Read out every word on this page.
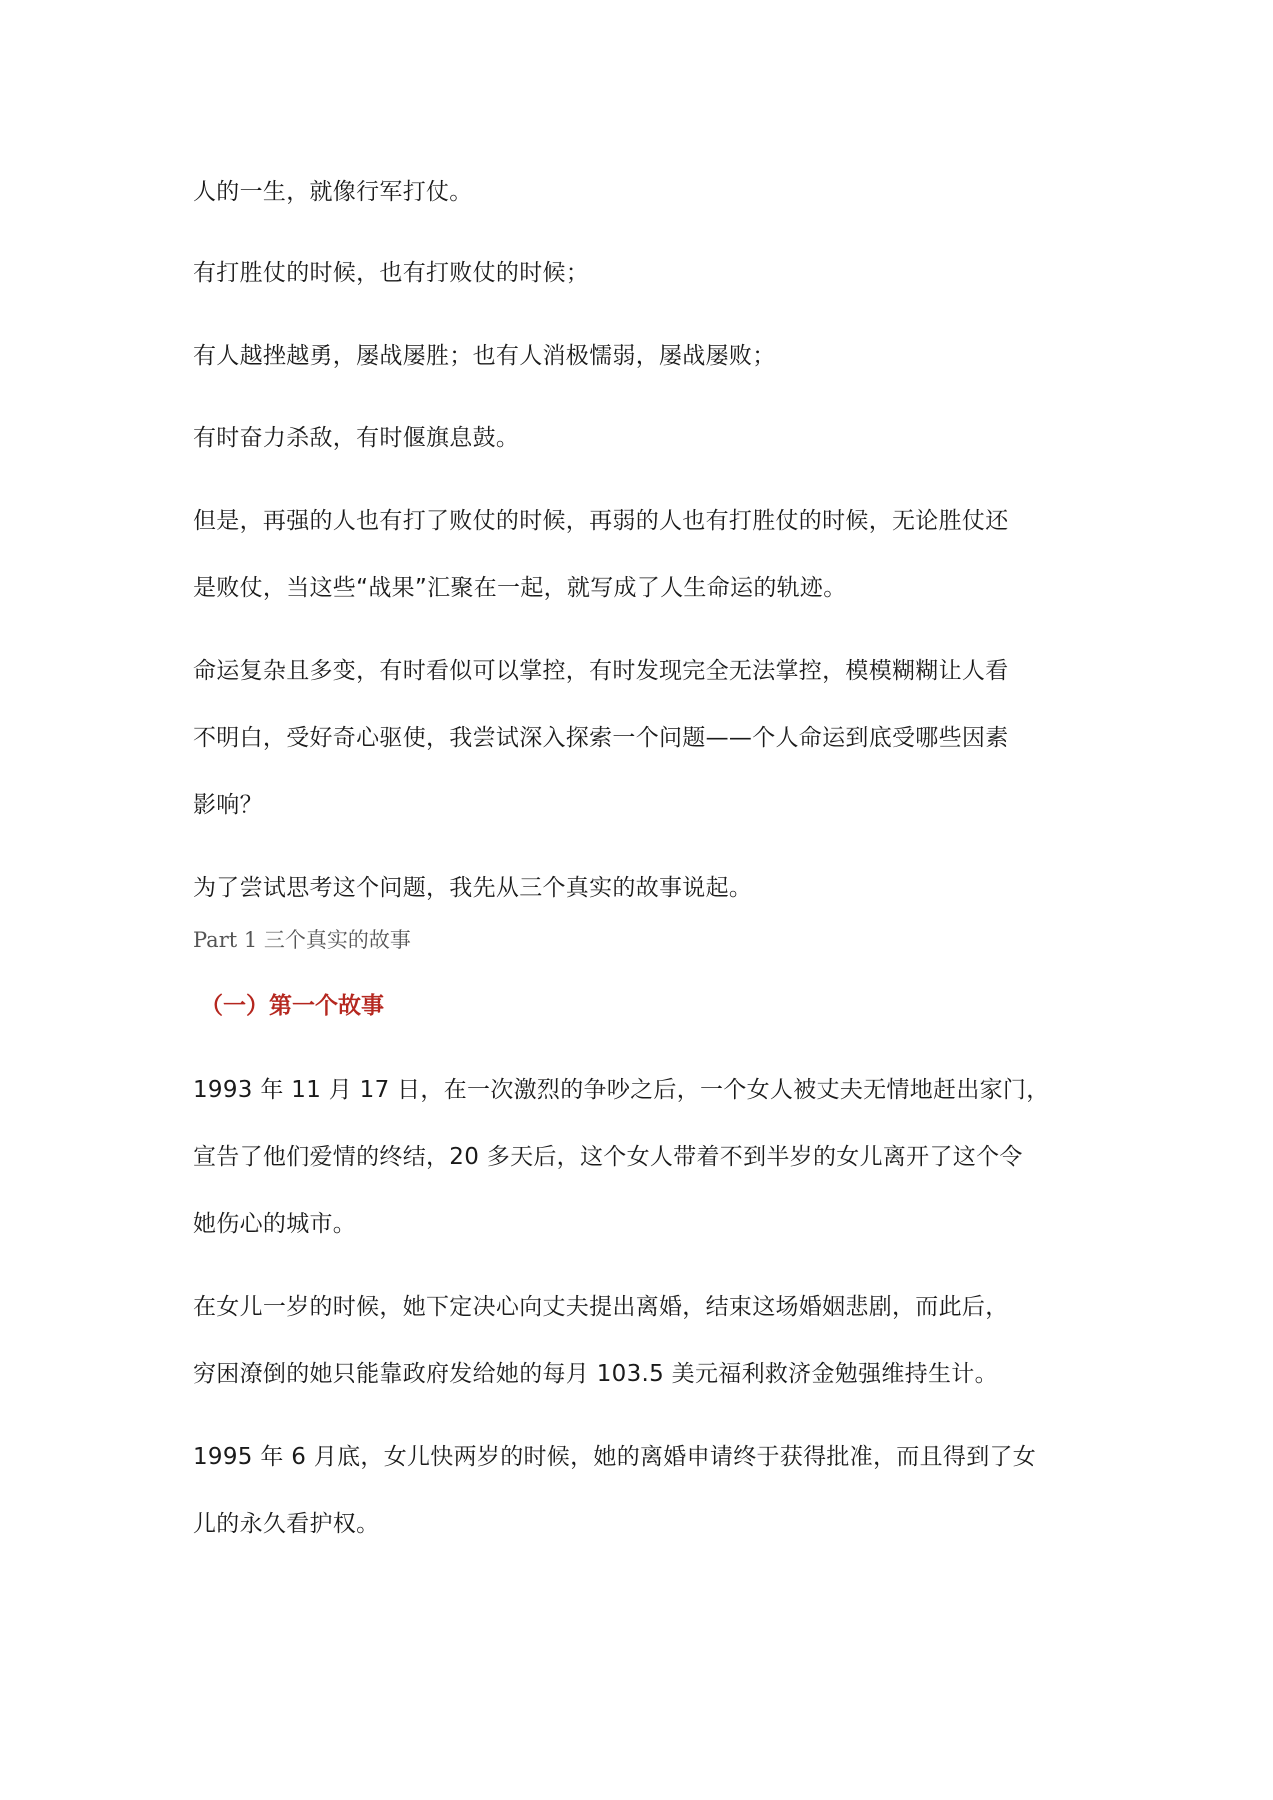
人的一生，就像行军打仗。
有打胜仗的时候，也有打败仗的时候；
有人越挫越勇，屡战屡胜；也有人消极懦弱，屡战屡败；
有时奋力杀敌，有时偃旗息鼓。
但是，再强的人也有打了败仗的时候，再弱的人也有打胜仗的时候，无论胜仗还
是败仗，当这些“战果”汇聚在一起，就写成了人生命运的轨迹。
命运复杂且多变，有时看似可以掌控，有时发现完全无法掌控，模模糊糊让人看
不明白，受好奇心驱使，我尝试深入探索一个问题——个人命运到底受哪些因素
影响？
为了尝试思考这个问题，我先从三个真实的故事说起。
Part 1 三个真实的故事
（一）第一个故事
1993 年 11 月 17 日，在一次激烈的争吵之后，一个女人被丈夫无情地赶出家门，
宣告了他们爱情的终结，20 多天后，这个女人带着不到半岁的女儿离开了这个令
她伤心的城市。
在女儿一岁的时候，她下定决心向丈夫提出离婚，结束这场婚姻悲剧，而此后，
穷困潦倒的她只能靠政府发给她的每月 103.5 美元福利救济金勉强维持生计。
1995 年 6 月底，女儿快两岁的时候，她的离婚申请终于获得批准，而且得到了女
儿的永久看护权。
